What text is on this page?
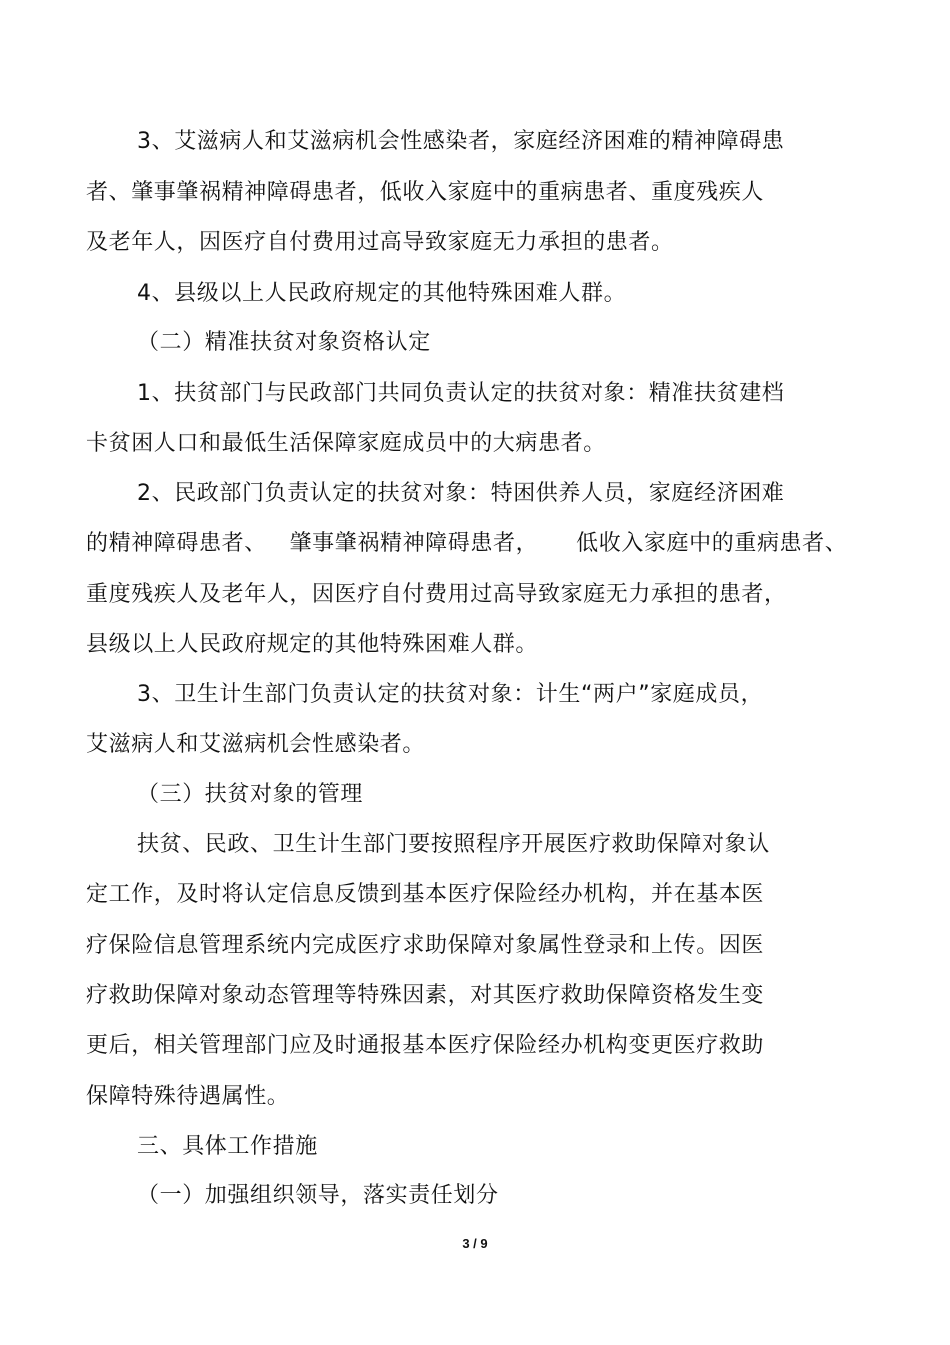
3、艾滋病人和艾滋病机会性感染者，家庭经济困难的精神障碍患
者、肇事肇祸精神障碍患者，低收入家庭中的重病患者、重度残疾人
及老年人，因医疗自付费用过高导致家庭无力承担的患者。
4、县级以上人民政府规定的其他特殊困难人群。
（二）精准扶贫对象资格认定
1、扶贫部门与民政部门共同负责认定的扶贫对象：精准扶贫建档
卡贫困人口和最低生活保障家庭成员中的大病患者。
2、民政部门负责认定的扶贫对象：特困供养人员，家庭经济困难
的精神障碍患者、   肇事肇祸精神障碍患者，     低收入家庭中的重病患者、
重度残疾人及老年人，因医疗自付费用过高导致家庭无力承担的患者，
县级以上人民政府规定的其他特殊困难人群。
3、卫生计生部门负责认定的扶贫对象：计生“两户”家庭成员，
艾滋病人和艾滋病机会性感染者。
（三）扶贫对象的管理
扶贫、民政、卫生计生部门要按照程序开展医疗救助保障对象认
定工作，及时将认定信息反馈到基本医疗保险经办机构，并在基本医
疗保险信息管理系统内完成医疗求助保障对象属性登录和上传。因医
疗救助保障对象动态管理等特殊因素，对其医疗救助保障资格发生变
更后，相关管理部门应及时通报基本医疗保险经办机构变更医疗救助
保障特殊待遇属性。
三、具体工作措施
（一）加强组织领导，落实责任划分
3 / 9
